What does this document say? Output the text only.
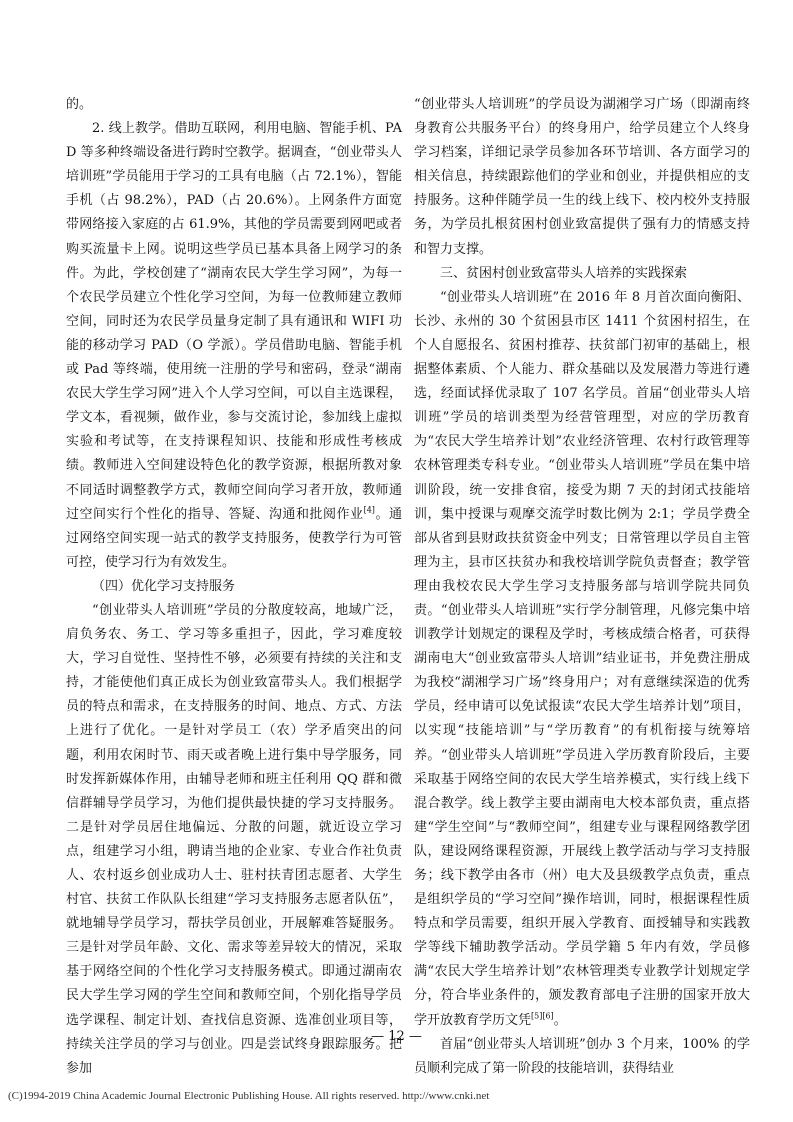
的。

2. 线上教学。借助互联网，利用电脑、智能手机、PAD 等多种终端设备进行跨时空教学。据调查，“创业带头人培训班”学员能用于学习的工具有电脑（占 72.1%），智能手机（占 98.2%），PAD（占 20.6%）。上网条件方面宽带网络接入家庭的占 61.9%，其他的学员需要到网吧或者购买流量卡上网。说明这些学员已基本具备上网学习的条件。为此，学校创建了“湖南农民大学生学习网”，为每一个农民学员建立个性化学习空间，为每一位教师建立教师空间，同时还为农民学员量身定制了具有通讯和 WIFI 功能的移动学习 PAD（O 学派）。学员借助电脑、智能手机或 Pad 等终端，使用统一注册的学号和密码，登录“湖南农民大学生学习网”进入个人学习空间，可以自主选课程，学文本，看视频，做作业，参与交流讨论，参加线上虚拟实验和考试等，在支持课程知识、技能和形成性考核成绩。教师进入空间建设特色化的教学资源，根据所教对象不同适时调整教学方式，教师空间向学习者开放，教师通过空间实行个性化的指导、答疑、沟通和批阅作业[4]。通过网络空间实现一站式的教学支持服务，使教学行为可管可控，使学习行为有效发生。

（四）优化学习支持服务

“创业带头人培训班”学员的分散度较高，地域广泛，肩负务农、务工、学习等多重担子，因此，学习难度较大，学习自觉性、坚持性不够，必须要有持续的关注和支持，才能使他们真正成长为创业致富带头人。我们根据学员的特点和需求，在支持服务的时间、地点、方式、方法上进行了优化。一是针对学员工（农）学矛盾突出的问题，利用农闲时节、雨天或者晚上进行集中导学服务，同时发挥新媒体作用，由辅导老师和班主任利用 QQ 群和微信群辅导学员学习，为他们提供最快捷的学习支持服务。二是针对学员居住地偏远、分散的问题，就近设立学习点，组建学习小组，聘请当地的企业家、专业合作社负责人、农村返乡创业成功人士、驻村扶青团志愿者、大学生村官、扶贫工作队队长组建“学习支持服务志愿者队伍”，就地辅导学员学习，帮扶学员创业，开展解难答疑服务。三是针对学员年龄、文化、需求等差异较大的情况，采取基于网络空间的个性化学习支持服务模式。即通过湖南农民大学生学习网的学生空间和教师空间，个别化指导学员选学课程、制定计划、查找信息资源、选准创业项目等，持续关注学员的学习与创业。四是尝试终身跟踪服务。把参加

“创业带头人培训班”的学员设为湖湘学习广场（即湖南终身教育公共服务平台）的终身用户，给学员建立个人终身学习档案，详细记录学员参加各环节培训、各方面学习的相关信息，持续跟踪他们的学业和创业，并提供相应的支持服务。这种伴随学员一生的线上线下、校内校外支持服务，为学员扎根贫困村创业致富提供了强有力的情感支持和智力支撑。

三、贫困村创业致富带头人培养的实践探索

“创业带头人培训班”在 2016 年 8 月首次面向衡阳、长沙、永州的 30 个贫困县市区 1411 个贫困村招生，在个人自愿报名、贫困村推荐、扶贫部门初审的基础上，根据整体素质、个人能力、群众基础以及发展潜力等进行遴选，经面试择优录取了 107 名学员。首届“创业带头人培训班”学员的培训类型为经营管理型，对应的学历教育为“农民大学生培养计划”农业经济管理、农村行政管理等农林管理类专科专业。“创业带头人培训班”学员在集中培训阶段，统一安排食宿，接受为期 7 天的封闭式技能培训，集中授课与观摩交流学时数比例为 2:1；学员学费全部从省到县财政扶贫资金中列支；日常管理以学员自主管理为主，县市区扶贫办和我校培训学院负责督查；教学管理由我校农民大学生学习支持服务部与培训学院共同负责。“创业带头人培训班”实行学分制管理，凡修完集中培训教学计划规定的课程及学时，考核成绩合格者，可获得湖南电大“创业致富带头人培训”结业证书，并免费注册成为我校“湖湘学习广场”终身用户；对有意继续深造的优秀学员，经申请可以免试报读“农民大学生培养计划”项目，以实现“技能培训”与“学历教育”的有机衔接与统筹培养。“创业带头人培训班”学员进入学历教育阶段后，主要采取基于网络空间的农民大学生培养模式，实行线上线下混合教学。线上教学主要由湖南电大校本部负责，重点搭建“学生空间”与“教师空间”，组建专业与课程网络教学团队，建设网络课程资源，开展线上教学活动与学习支持服务；线下教学由各市（州）电大及县级教学点负责，重点是组织学员的“学习空间”操作培训，同时，根据课程性质特点和学员需要，组织开展入学教育、面授辅导和实践教学等线下辅助教学活动。学员学籍 5 年内有效，学员修满“农民大学生培养计划”农林管理类专业教学计划规定学分，符合毕业条件的，颁发教育部电子注册的国家开放大学开放教育学历文凭[5][6]。

首届“创业带头人培训班”创办 3 个月来，100% 的学员顺利完成了第一阶段的技能培训，获得结业

— 12 —
(C)1994-2019 China Academic Journal Electronic Publishing House. All rights reserved. http://www.cnki.net
